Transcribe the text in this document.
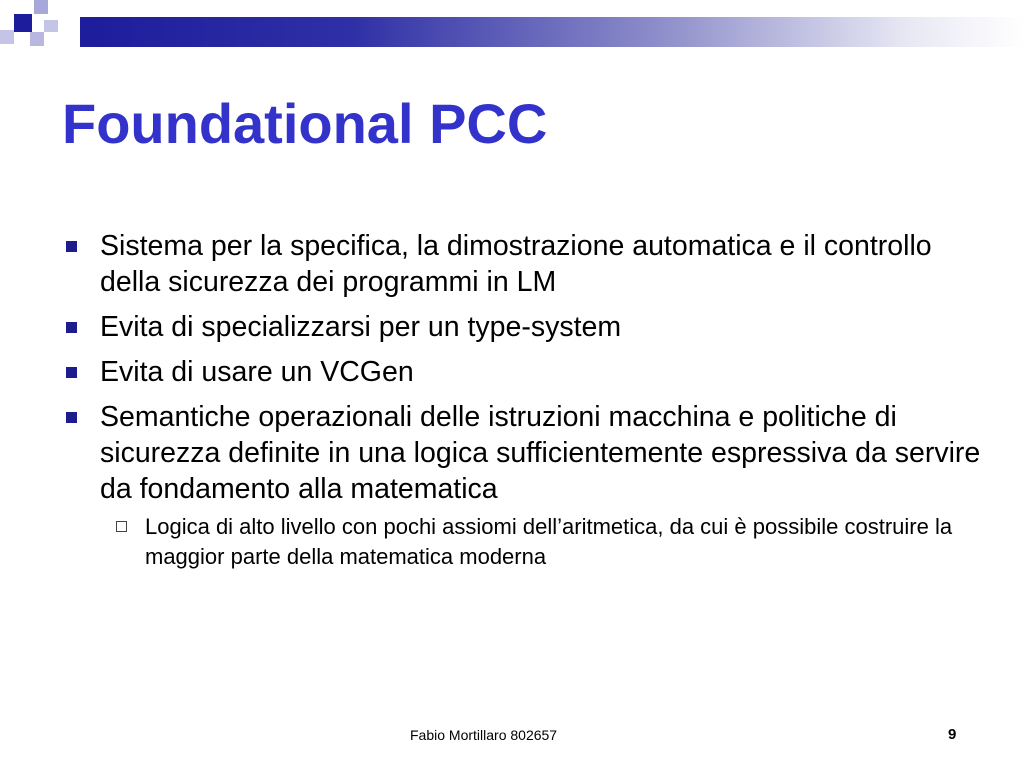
Foundational PCC
Sistema per la specifica, la dimostrazione automatica e il controllo della sicurezza dei programmi in LM
Evita di specializzarsi per un type-system
Evita di usare un VCGen
Semantiche operazionali delle istruzioni macchina e politiche di sicurezza definite in una logica sufficientemente espressiva da servire da fondamento alla matematica
Logica di alto livello con pochi assiomi dell’aritmetica, da cui è possibile costruire la maggior parte della matematica moderna
Fabio Mortillaro 802657	9
